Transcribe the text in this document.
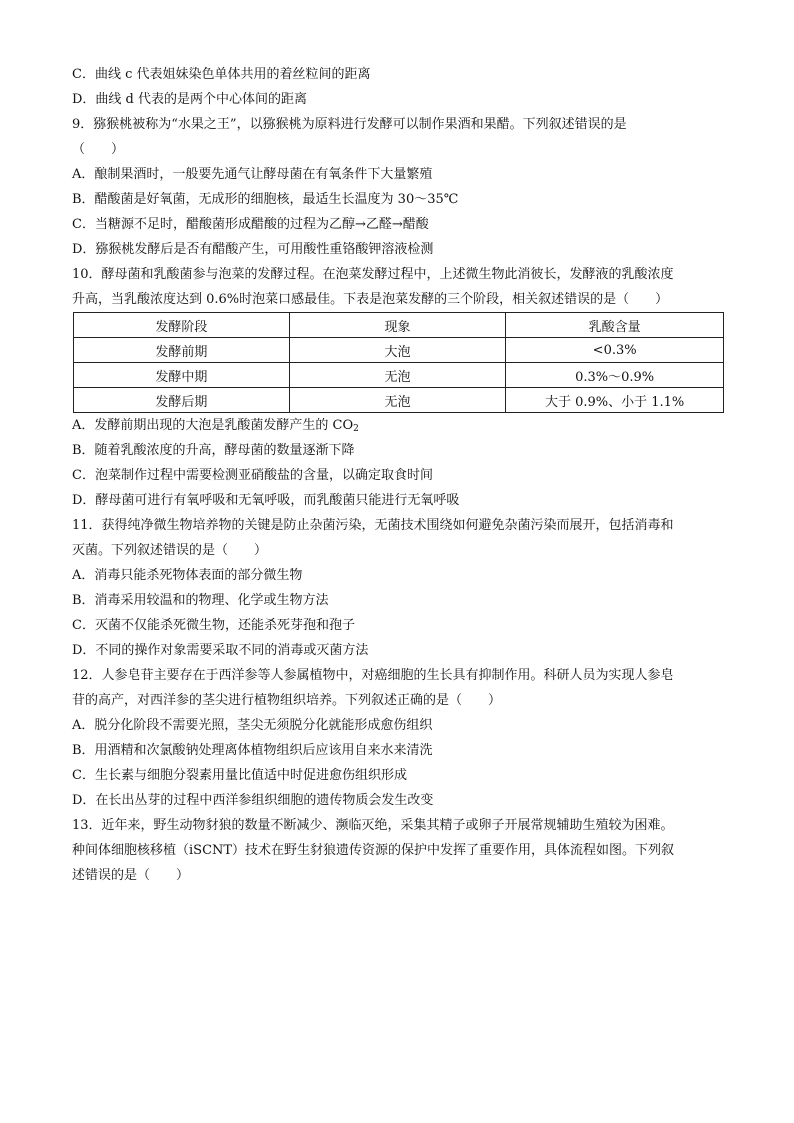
C．曲线 c 代表姐妹染色单体共用的着丝粒间的距离
D．曲线 d 代表的是两个中心体间的距离
9．猕猴桃被称为“水果之王”，以猕猴桃为原料进行发酵可以制作果酒和果醋。下列叙述错误的是
（　　）
A．酿制果酒时，一般要先通气让酵母菌在有氧条件下大量繁殖
B．醋酸菌是好氧菌，无成形的细胞核，最适生长温度为 30～35℃
C．当糖源不足时，醋酸菌形成醋酸的过程为乙醇→乙醛→醋酸
D．猕猴桃发酵后是否有醋酸产生，可用酸性重铬酸钾溶液检测
10．酵母菌和乳酸菌参与泡菜的发酵过程。在泡菜发酵过程中，上述微生物此消彼长，发酵液的乳酸浓度
升高，当乳酸浓度达到 0.6%时泡菜口感最佳。下表是泡菜发酵的三个阶段，相关叙述错误的是（　　）
发酵阶段	现象	乳酸含量
发酵前期	大泡	<0.3%
发酵中期	无泡	0.3%～0.9%
发酵后期	无泡	大于 0.9%、小于 1.1%
A．发酵前期出现的大泡是乳酸菌发酵产生的 $CO_2$
B．随着乳酸浓度的升高，酵母菌的数量逐渐下降
C．泡菜制作过程中需要检测亚硝酸盐的含量，以确定取食时间
D．酵母菌可进行有氧呼吸和无氧呼吸，而乳酸菌只能进行无氧呼吸
11．获得纯净微生物培养物的关键是防止杂菌污染，无菌技术围绕如何避免杂菌污染而展开，包括消毒和
灭菌。下列叙述错误的是（　　）
A．消毒只能杀死物体表面的部分微生物
B．消毒采用较温和的物理、化学或生物方法
C．灭菌不仅能杀死微生物，还能杀死芽孢和孢子
D．不同的操作对象需要采取不同的消毒或灭菌方法
12．人参皂苷主要存在于西洋参等人参属植物中，对癌细胞的生长具有抑制作用。科研人员为实现人参皂
苷的高产，对西洋参的茎尖进行植物组织培养。下列叙述正确的是（　　）
A．脱分化阶段不需要光照，茎尖无须脱分化就能形成愈伤组织
B．用酒精和次氯酸钠处理离体植物组织后应该用自来水来清洗
C．生长素与细胞分裂素用量比值适中时促进愈伤组织形成
D．在长出丛芽的过程中西洋参组织细胞的遗传物质会发生改变
13．近年来，野生动物豺狼的数量不断减少、濒临灭绝，采集其精子或卵子开展常规辅助生殖较为困难。
种间体细胞核移植（iSCNT）技术在野生豺狼遗传资源的保护中发挥了重要作用，具体流程如图。下列叙
述错误的是（　　）
